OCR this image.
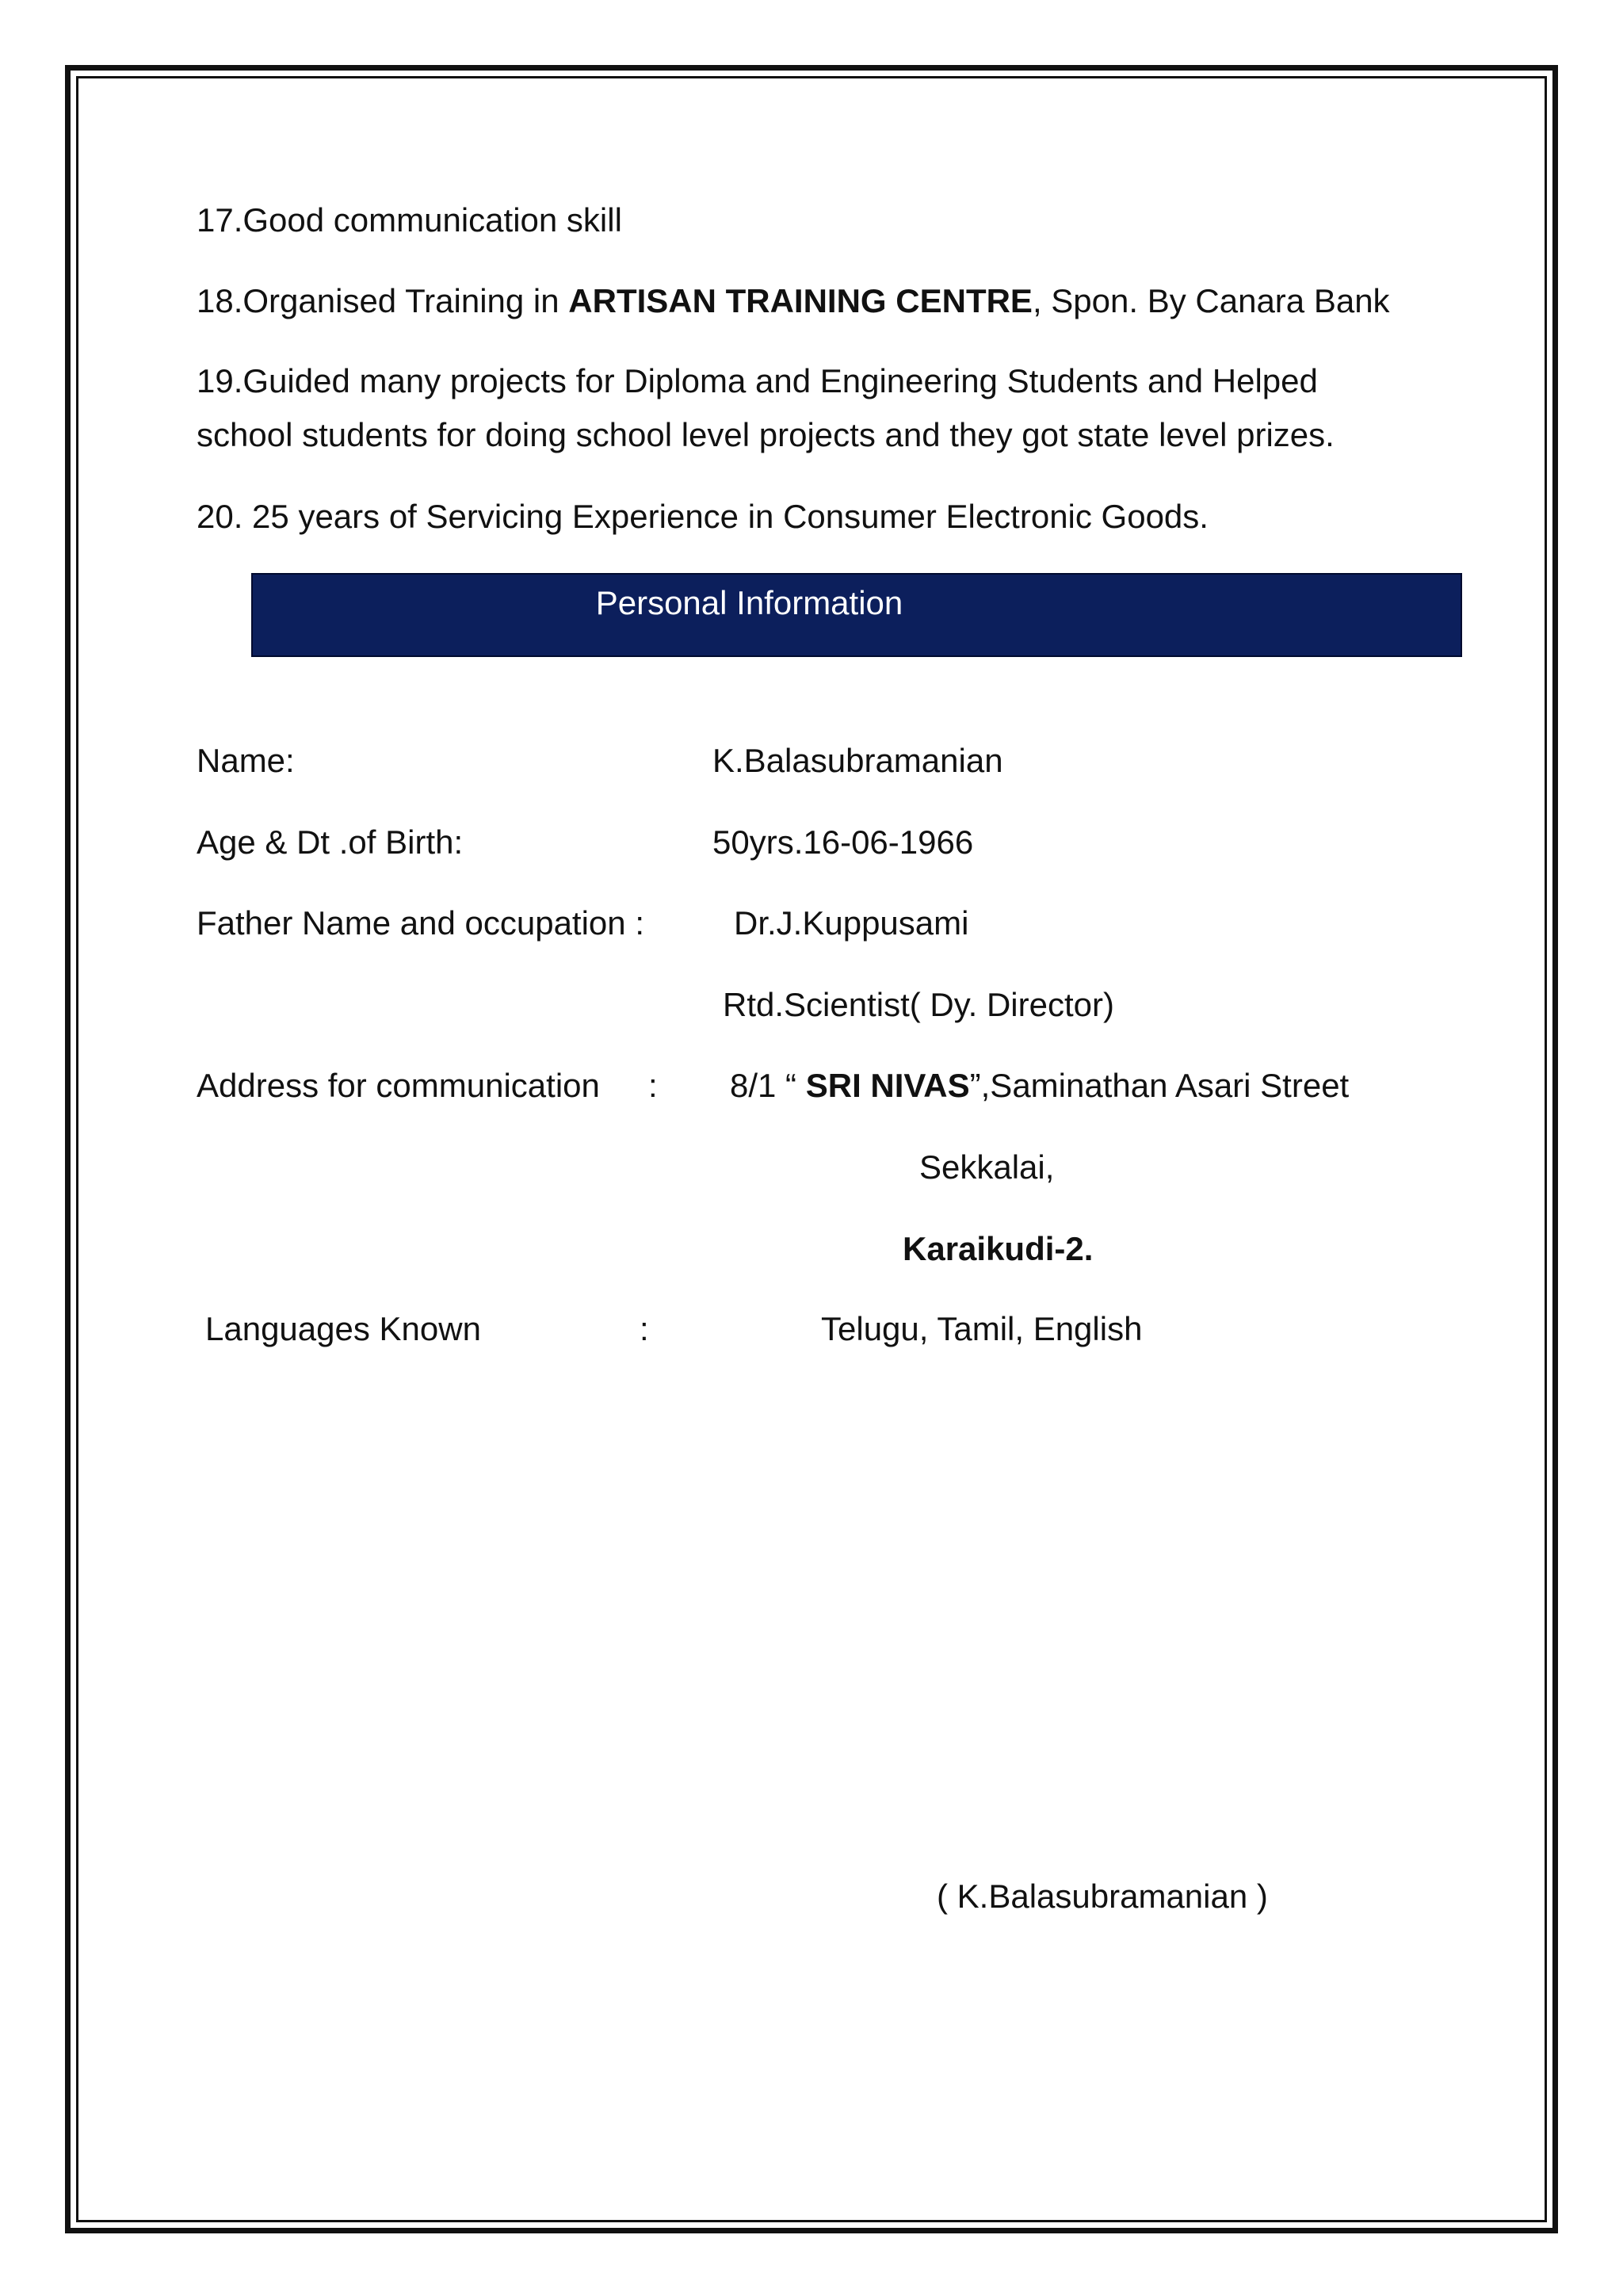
17.Good communication skill
18.Organised Training in ARTISAN TRAINING CENTRE, Spon. By Canara Bank
19.Guided many projects for Diploma and Engineering Students and Helped
school students for doing school level projects and they got state level prizes.
20. 25 years of Servicing Experience in Consumer Electronic Goods.
Personal Information
Name:	K.Balasubramanian
Age & Dt .of Birth:	50yrs.16-06-1966
Father Name and occupation :	Dr.J.Kuppusami
Rtd.Scientist( Dy. Director)
Address for communication : 8/1 “ SRI NIVAS”,Saminathan Asari Street
Sekkalai,
Karaikudi-2.
Languages Known	:	Telugu, Tamil, English
( K.Balasubramanian )
